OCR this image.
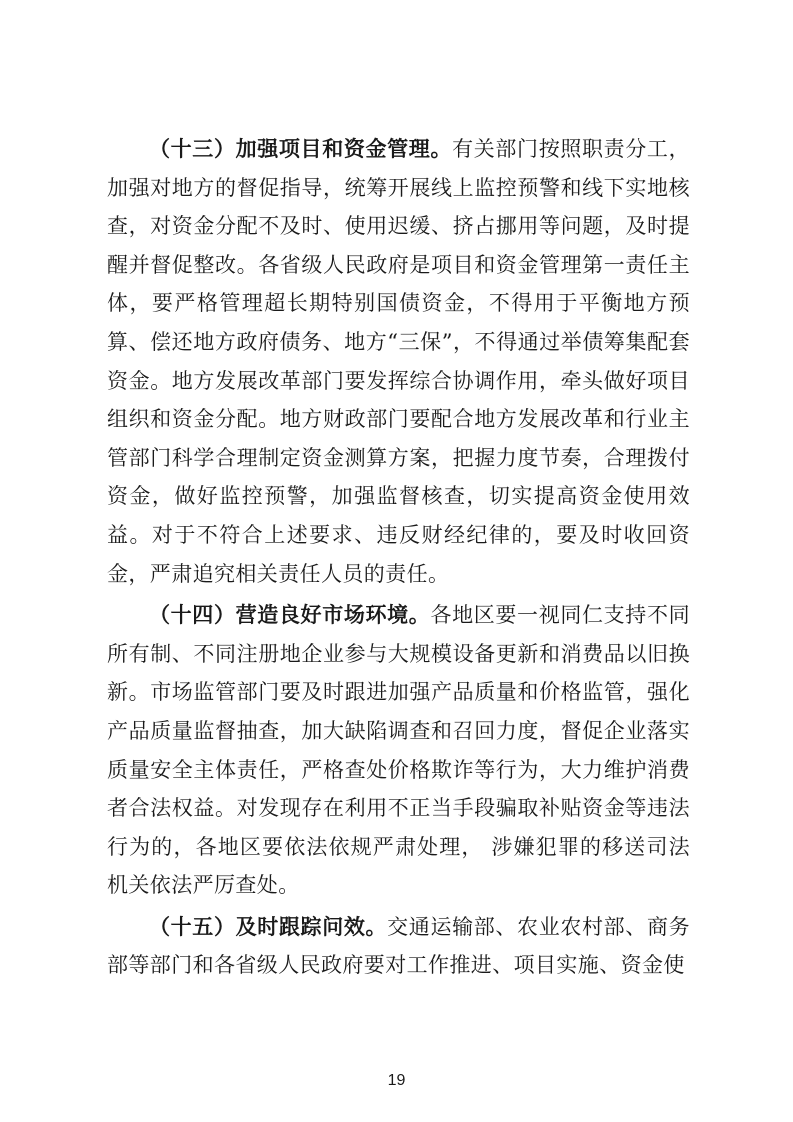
（十三）加强项目和资金管理。有关部门按照职责分工，加强对地方的督促指导，统筹开展线上监控预警和线下实地核查，对资金分配不及时、使用迟缓、挤占挪用等问题，及时提醒并督促整改。各省级人民政府是项目和资金管理第一责任主体，要严格管理超长期特别国债资金，不得用于平衡地方预算、偿还地方政府债务、地方“三保”，不得通过举债筹集配套资金。地方发展改革部门要发挥综合协调作用，牵头做好项目组织和资金分配。地方财政部门要配合地方发展改革和行业主管部门科学合理制定资金测算方案，把握力度节奏，合理拨付资金，做好监控预警，加强监督核查，切实提高资金使用效益。对于不符合上述要求、违反财经纪律的，要及时收回资金，严肃追究相关责任人员的责任。

（十四）营造良好市场环境。各地区要一视同仁支持不同所有制、不同注册地企业参与大规模设备更新和消费品以旧换新。市场监管部门要及时跟进加强产品质量和价格监管，强化产品质量监督抽查，加大缺陷调查和召回力度，督促企业落实质量安全主体责任，严格查处价格欺诈等行为，大力维护消费者合法权益。对发现存在利用不正当手段骗取补贴资金等违法行为的，各地区要依法依规严肃处理， 涉嫌犯罪的移送司法机关依法严厉查处。

（十五）及时跟踪问效。交通运输部、农业农村部、商务部等部门和各省级人民政府要对工作推进、项目实施、资金使

19
